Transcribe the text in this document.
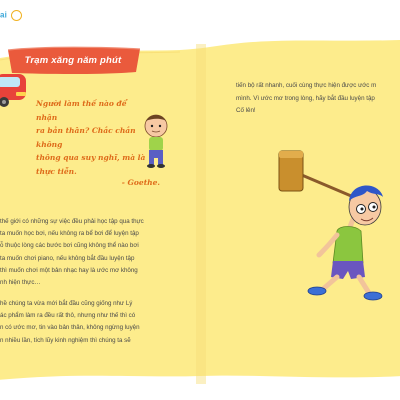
ai
Trạm xăng năm phút
Người làm thế nào để nhận
ra bản thân? Chắc chắn không
thông qua suy nghĩ, mà là
thực tiễn.
- Goethe.
thế giới có những sự việc đều phải học tập qua thực
ta muốn học bơi, nếu không ra bể bơi để luyện tập
ỗ thuộc lòng các bước bơi cũng không thể nào bơi
ta muốn chơi piano, nếu không bắt đầu luyện tập
thì muốn chơi một bản nhạc hay là ước mơ không
nh hiện thực…
hề chúng ta vừa mới bắt đầu cũng giống như Lý
ác phẩm làm ra đều rất thô, nhưng như thế thì có
n có ước mơ, tin vào bản thân, không ngừng luyện
n nhiều lần, tích lũy kinh nghiệm thì chúng ta sẽ
tiến bộ rất nhanh, cuối cùng thực hiện được ước m
mình. Vì ước mơ trong lòng, hãy bắt đầu luyện tập
Cố lên!
